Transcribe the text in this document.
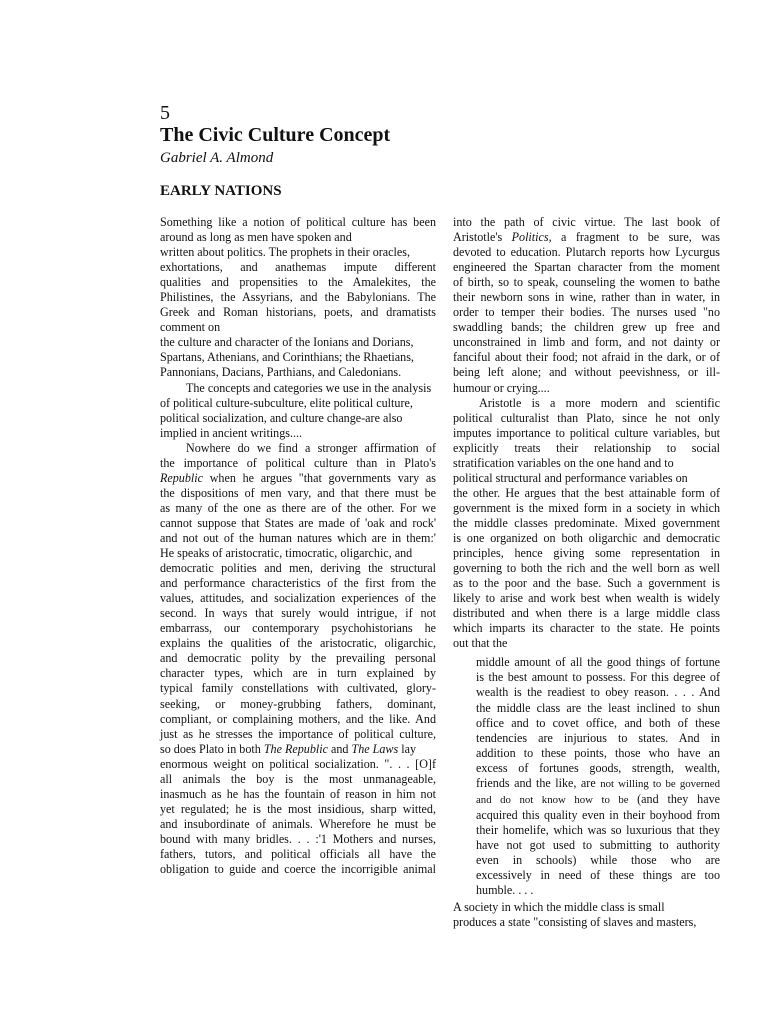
5
The Civic Culture Concept
Gabriel A. Almond
EARLY NATIONS
Something like a notion of political culture has been
around as long as men have spoken and
written about politics. The prophets in their oracles,
exhortations, and anathemas impute different
qualities and propensities to the Amalekites, the
Philistines, the Assyrians, and the Babylonians. The
Greek and Roman historians, poets, and dramatists
comment on
the culture and character of the Ionians and Dorians,
Spartans, Athenians, and Corinthians; the Rhaetians,
Pannonians, Dacians, Parthians, and Caledonians.
The concepts and categories we use in the analysis
of political culture-subculture, elite political culture,
political socialization, and culture change-are also
implied in ancient writings....
Nowhere do we find a stronger affirmation of
the importance of political culture than in Plato's
Republic when he argues "that governments vary as
the dispositions of men vary, and that there must be
as many of the one as there are of the other. For we
cannot suppose that States are made of 'oak and rock'
and not out of the human natures which are in them:'
He speaks of aristocratic, timocratic, oligarchic, and
democratic polities and men, deriving the structural
and performance characteristics of the first from the
values, attitudes, and socialization experiences of the
second. In ways that surely would intrigue, if not
embarrass, our contemporary psychohistorians he
explains the qualities of the aristocratic, oligarchic,
and democratic polity by the prevailing personal
character types, which are in turn explained by
typical family constellations with cultivated, glory-
seeking, or money-grubbing fathers, dominant,
compliant, or complaining mothers, and the like. And
just as he stresses the importance of political culture,
so does Plato in both The Republic and The Laws lay
enormous weight on political socialization. ". . . [O]f
all animals the boy is the most unmanageable,
inasmuch as he has the fountain of reason in him not
yet regulated; he is the most insidious, sharp witted,
and insubordinate of animals. Wherefore he must be
bound with many bridles. . . :'1 Mothers and nurses,
fathers, tutors, and political officials all have the
obligation to guide and coerce the incorrigible animal
into the path of civic virtue. The last book of
Aristotle's Politics, a fragment to be sure, was
devoted to education. Plutarch reports how Lycurgus
engineered the Spartan character from the moment
of birth, so to speak, counseling the women to bathe
their newborn sons in wine, rather than in water, in
order to temper their bodies. The nurses used "no
swaddling bands; the children grew up free and
unconstrained in limb and form, and not dainty or
fanciful about their food; not afraid in the dark, or of
being left alone; and without peevishness, or ill-
humour or crying....
Aristotle is a more modern and scientific
political culturalist than Plato, since he not only
imputes importance to political culture variables, but
explicitly treats their relationship to social
stratification variables on the one hand and to
political structural and performance variables on
the other. He argues that the best attainable form of
government is the mixed form in a society in which
the middle classes predominate. Mixed government
is one organized on both oligarchic and democratic
principles, hence giving some representation in
governing to both the rich and the well born as well
as to the poor and the base. Such a government is
likely to arise and work best when wealth is widely
distributed and when there is a large middle class
which imparts its character to the state. He points
out that the
middle amount of all the good things of fortune
is the best amount to possess. For this degree of
wealth is the readiest to obey reason. . . . And
the middle class are the least inclined to shun
office and to covet office, and both of these
tendencies are injurious to states. And in
addition to these points, those who have an
excess of fortunes goods, strength, wealth,
friends and the like, are not willing to be governed
and do not know how to be (and they have
acquired this quality even in their boyhood from
their homelife, which was so luxurious that they
have not got used to submitting to authority
even in schools) while those who are
excessively in need of these things are too
humble. . . .
A society in which the middle class is small
produces a state "consisting of slaves and masters,
